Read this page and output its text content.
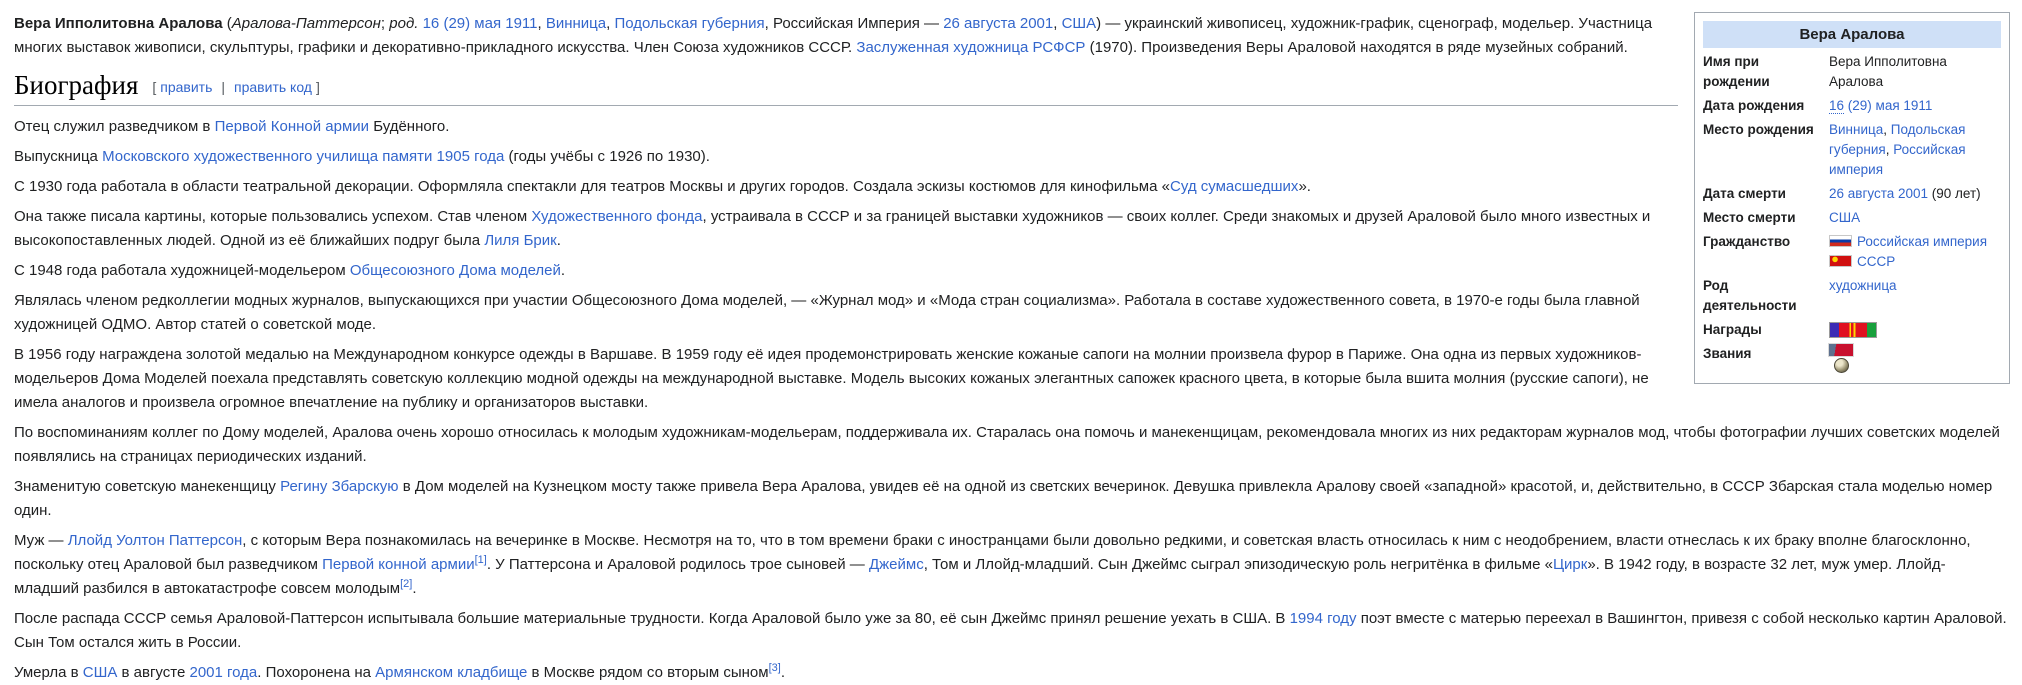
Вера Аралова
Имя при рождении	Вера Ипполитовна Аралова
Дата рождения	16 (29) мая 1911
Место рождения	Винница, Подольская губерния, Российская империя
Дата смерти	26 августа 2001 (90 лет)
Место смерти	США
Гражданство	Российская империя
СССР
Род деятельности	художница
Награды	
Звания	

Вера Ипполитовна Аралова (Аралова-Паттерсон; род. 16 (29) мая 1911, Винница, Подольская губерния, Российская Империя — 26 августа 2001, США) — украинский живописец, художник-график, сценограф, модельер. Участница многих выставок живописи, скульптуры, графики и декоративно-прикладного искусства. Член Союза художников СССР. Заслуженная художница РСФСР (1970). Произведения Веры Араловой находятся в ряде музейных собраний.

Биография [ править | править код ]

Отец служил разведчиком в Первой Конной армии Будённого.

Выпускница Московского художественного училища памяти 1905 года (годы учёбы с 1926 по 1930).

С 1930 года работала в области театральной декорации. Оформляла спектакли для театров Москвы и других городов. Создала эскизы костюмов для кинофильма «Суд сумасшедших».

Она также писала картины, которые пользовались успехом. Став членом Художественного фонда, устраивала в СССР и за границей выставки художников — своих коллег. Среди знакомых и друзей Араловой было много известных и высокопоставленных людей. Одной из её ближайших подруг была Лиля Брик.

С 1948 года работала художницей-модельером Общесоюзного Дома моделей.

Являлась членом редколлегии модных журналов, выпускающихся при участии Общесоюзного Дома моделей, — «Журнал мод» и «Мода стран социализма». Работала в составе художественного совета, в 1970-е годы была главной художницей ОДМО. Автор статей о советской моде.

В 1956 году награждена золотой медалью на Международном конкурсе одежды в Варшаве. В 1959 году её идея продемонстрировать женские кожаные сапоги на молнии произвела фурор в Париже. Она одна из первых художников-модельеров Дома Моделей поехала представлять советскую коллекцию модной одежды на международной выставке. Модель высоких кожаных элегантных сапожек красного цвета, в которые была вшита молния (русские сапоги), не имела аналогов и произвела огромное впечатление на публику и организаторов выставки.

По воспоминаниям коллег по Дому моделей, Аралова очень хорошо относилась к молодым художникам-модельерам, поддерживала их. Старалась она помочь и манекенщицам, рекомендовала многих из них редакторам журналов мод, чтобы фотографии лучших советских моделей появлялись на страницах периодических изданий.

Знаменитую советскую манекенщицу Регину Збарскую в Дом моделей на Кузнецком мосту также привела Вера Аралова, увидев её на одной из светских вечеринок. Девушка привлекла Аралову своей «западной» красотой, и, действительно, в СССР Збарская стала моделью номер один.

Муж — Ллойд Уолтон Паттерсон, с которым Вера познакомилась на вечеринке в Москве. Несмотря на то, что в том времени браки с иностранцами были довольно редкими, и советская власть относилась к ним с неодобрением, власти отнеслась к их браку вполне благосклонно, поскольку отец Араловой был разведчиком Первой конной армии[1]. У Паттерсона и Араловой родилось трое сыновей — Джеймс, Том и Ллойд-младший. Сын Джеймс сыграл эпизодическую роль негритёнка в фильме «Цирк». В 1942 году, в возрасте 32 лет, муж умер. Ллойд-младший разбился в автокатастрофе совсем молодым[2].

После распада СССР семья Араловой-Паттерсон испытывала большие материальные трудности. Когда Араловой было уже за 80, её сын Джеймс принял решение уехать в США. В 1994 году поэт вместе с матерью переехал в Вашингтон, привезя с собой несколько картин Араловой. Сын Том остался жить в России.

Умерла в США в августе 2001 года. Похоронена на Армянском кладбище в Москве рядом со вторым сыном[3].
